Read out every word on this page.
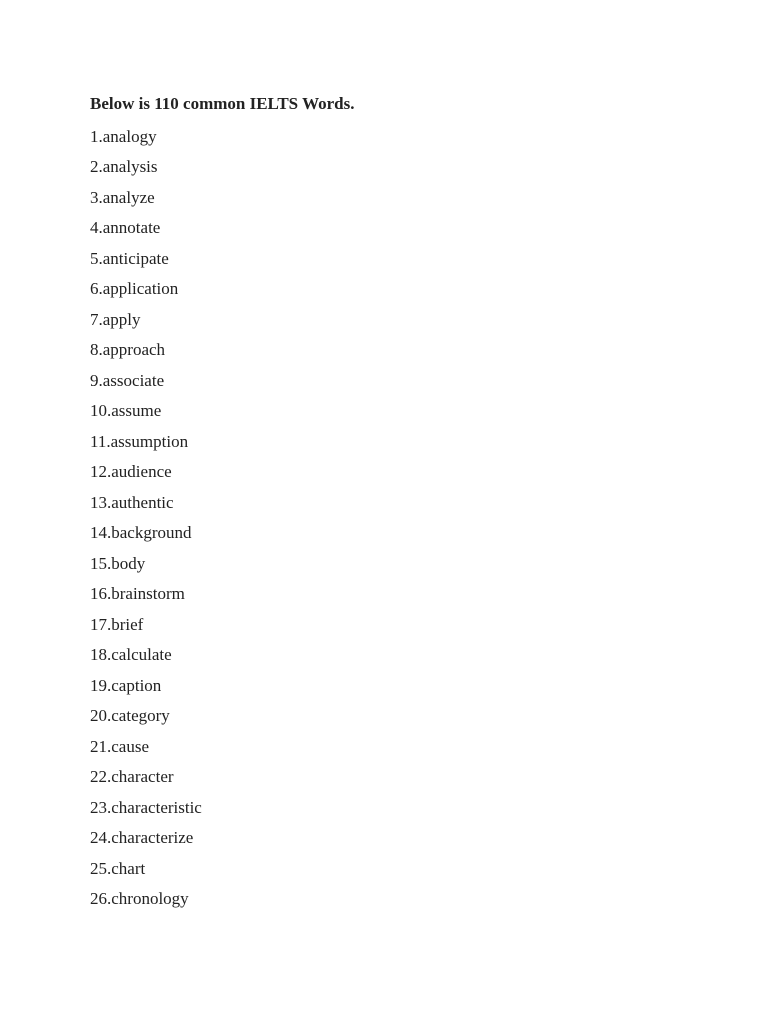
Below is 110 common IELTS Words.
1.analogy
2.analysis
3.analyze
4.annotate
5.anticipate
6.application
7.apply
8.approach
9.associate
10.assume
11.assumption
12.audience
13.authentic
14.background
15.body
16.brainstorm
17.brief
18.calculate
19.caption
20.category
21.cause
22.character
23.characteristic
24.characterize
25.chart
26.chronology
